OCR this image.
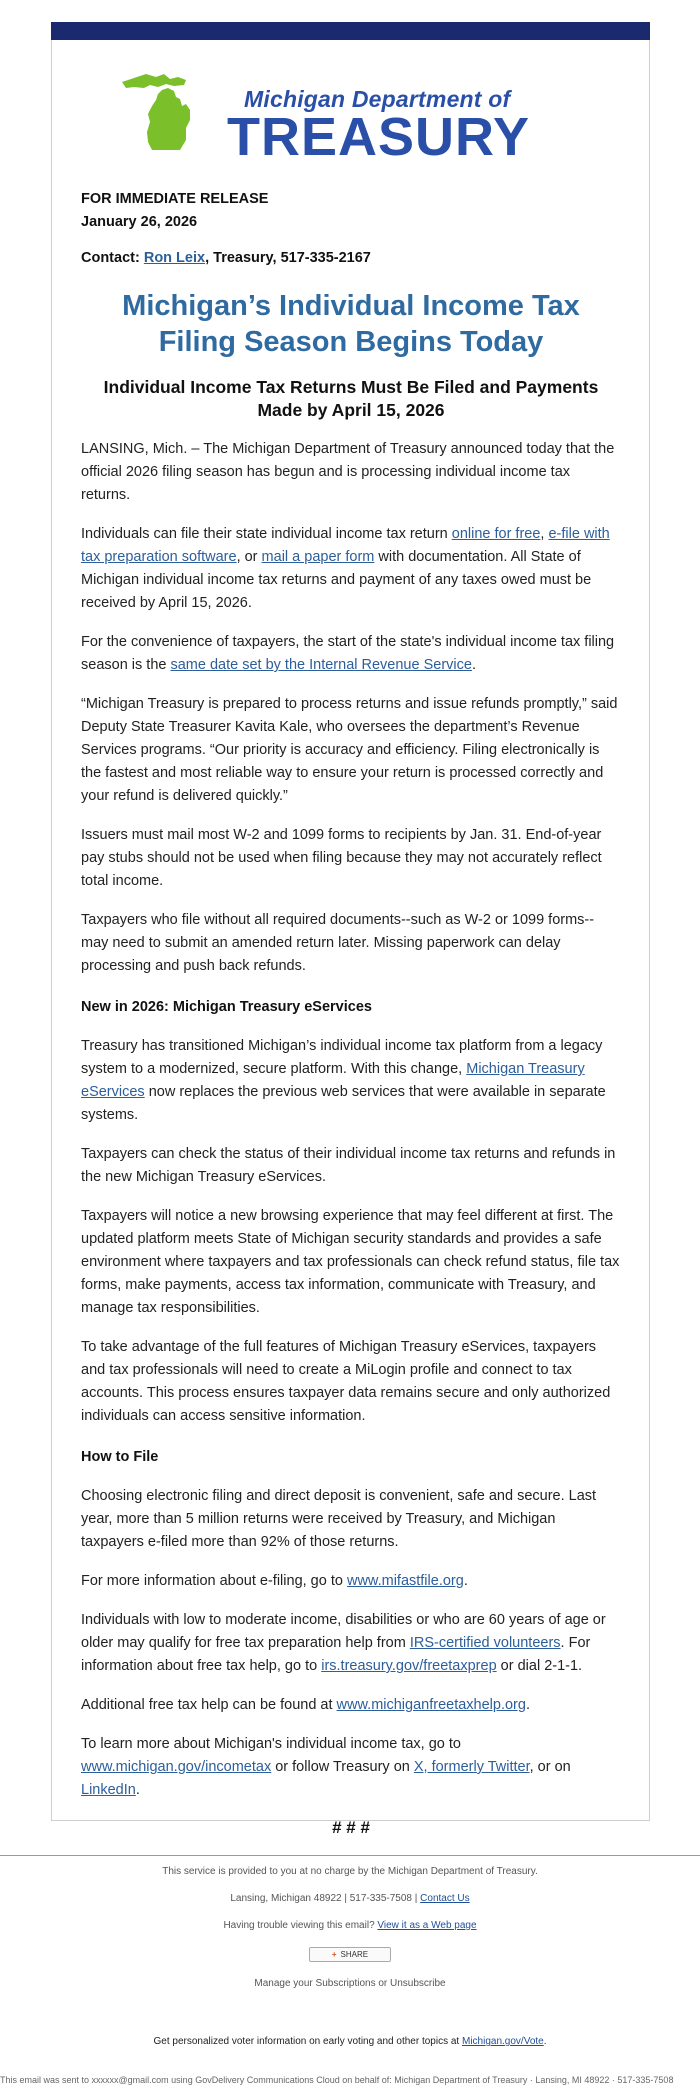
Michigan Department of
TREASURY
FOR IMMEDIATE RELEASE
January 26, 2026
Contact: Ron Leix, Treasury, 517-335-2167
Michigan’s Individual Income Tax Filing Season Begins Today
Individual Income Tax Returns Must Be Filed and Payments Made by April 15, 2026

LANSING, Mich. – The Michigan Department of Treasury announced today that the official 2026 filing season has begun and is processing individual income tax returns.

Individuals can file their state individual income tax return online for free, e-file with tax preparation software, or mail a paper form with documentation. All State of Michigan individual income tax returns and payment of any taxes owed must be received by April 15, 2026.

For the convenience of taxpayers, the start of the state's individual income tax filing season is the same date set by the Internal Revenue Service.

“Michigan Treasury is prepared to process returns and issue refunds promptly,” said Deputy State Treasurer Kavita Kale, who oversees the department’s Revenue Services programs. “Our priority is accuracy and efficiency. Filing electronically is the fastest and most reliable way to ensure your return is processed correctly and your refund is delivered quickly.”

Issuers must mail most W-2 and 1099 forms to recipients by Jan. 31. End-of-year pay stubs should not be used when filing because they may not accurately reflect total income.

Taxpayers who file without all required documents--such as W-2 or 1099 forms--may need to submit an amended return later. Missing paperwork can delay processing and push back refunds.

New in 2026: Michigan Treasury eServices

Treasury has transitioned Michigan’s individual income tax platform from a legacy system to a modernized, secure platform. With this change, Michigan Treasury eServices now replaces the previous web services that were available in separate systems.

Taxpayers can check the status of their individual income tax returns and refunds in the new Michigan Treasury eServices.

Taxpayers will notice a new browsing experience that may feel different at first. The updated platform meets State of Michigan security standards and provides a safe environment where taxpayers and tax professionals can check refund status, file tax forms, make payments, access tax information, communicate with Treasury, and manage tax responsibilities.

To take advantage of the full features of Michigan Treasury eServices, taxpayers and tax professionals will need to create a MiLogin profile and connect to tax accounts. This process ensures taxpayer data remains secure and only authorized individuals can access sensitive information.

How to File

Choosing electronic filing and direct deposit is convenient, safe and secure. Last year, more than 5 million returns were received by Treasury, and Michigan taxpayers e-filed more than 92% of those returns.

For more information about e-filing, go to www.mifastfile.org.

Individuals with low to moderate income, disabilities or who are 60 years of age or older may qualify for free tax preparation help from IRS-certified volunteers. For information about free tax help, go to irs.treasury.gov/freetaxprep or dial 2-1-1.

Additional free tax help can be found at www.michiganfreetaxhelp.org.

To learn more about Michigan's individual income tax, go to www.michigan.gov/incometax or follow Treasury on X, formerly Twitter, or on LinkedIn.

# # #
This service is provided to you at no charge by the Michigan Department of Treasury.
Lansing, Michigan 48922 | 517-335-7508 | Contact Us
Having trouble viewing this email? View it as a Web page
+ SHARE
Manage your Subscriptions or Unsubscribe
Get personalized voter information on early voting and other topics at Michigan.gov/Vote.
This email was sent to xxxxxx@gmail.com using GovDelivery Communications Cloud on behalf of: Michigan Department of Treasury · Lansing, MI 48922 · 517-335-7508
